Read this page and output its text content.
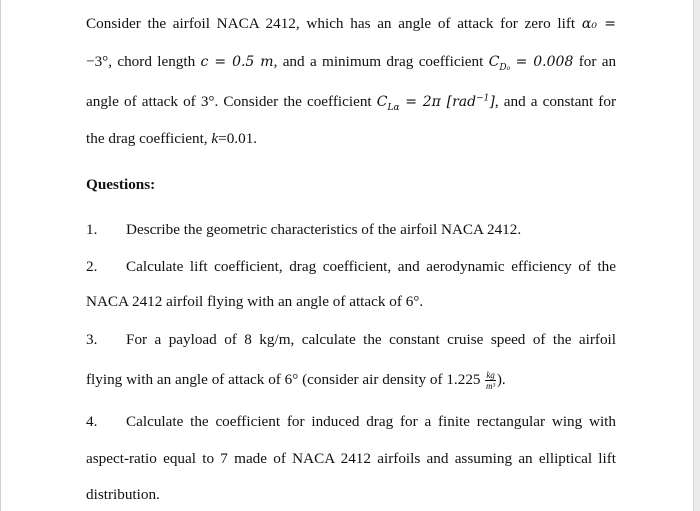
Consider the airfoil NACA 2412, which has an angle of attack for zero lift α₀ =
−3°, chord length c = 0.5 m, and a minimum drag coefficient $C_{D_0} = 0.008$ for an
angle of attack of 3°. Consider the coefficient $C_{L\alpha} = 2\pi$ [rad$^{-1}$], and a constant for
the drag coefficient, k=0.01.
Questions:
1. Describe the geometric characteristics of the airfoil NACA 2412.
2. Calculate lift coefficient, drag coefficient, and aerodynamic efficiency of the
NACA 2412 airfoil flying with an angle of attack of 6°.
3. For a payload of 8 kg/m, calculate the constant cruise speed of the airfoil
flying with an angle of attack of 6° (consider air density of $1.225 \frac{kg}{\text{m³}}$ ).
4. Calculate the coefficient for induced drag for a finite rectangular wing with
aspect-ratio equal to 7 made of NACA 2412 airfoils and assuming an elliptical lift
distribution.
